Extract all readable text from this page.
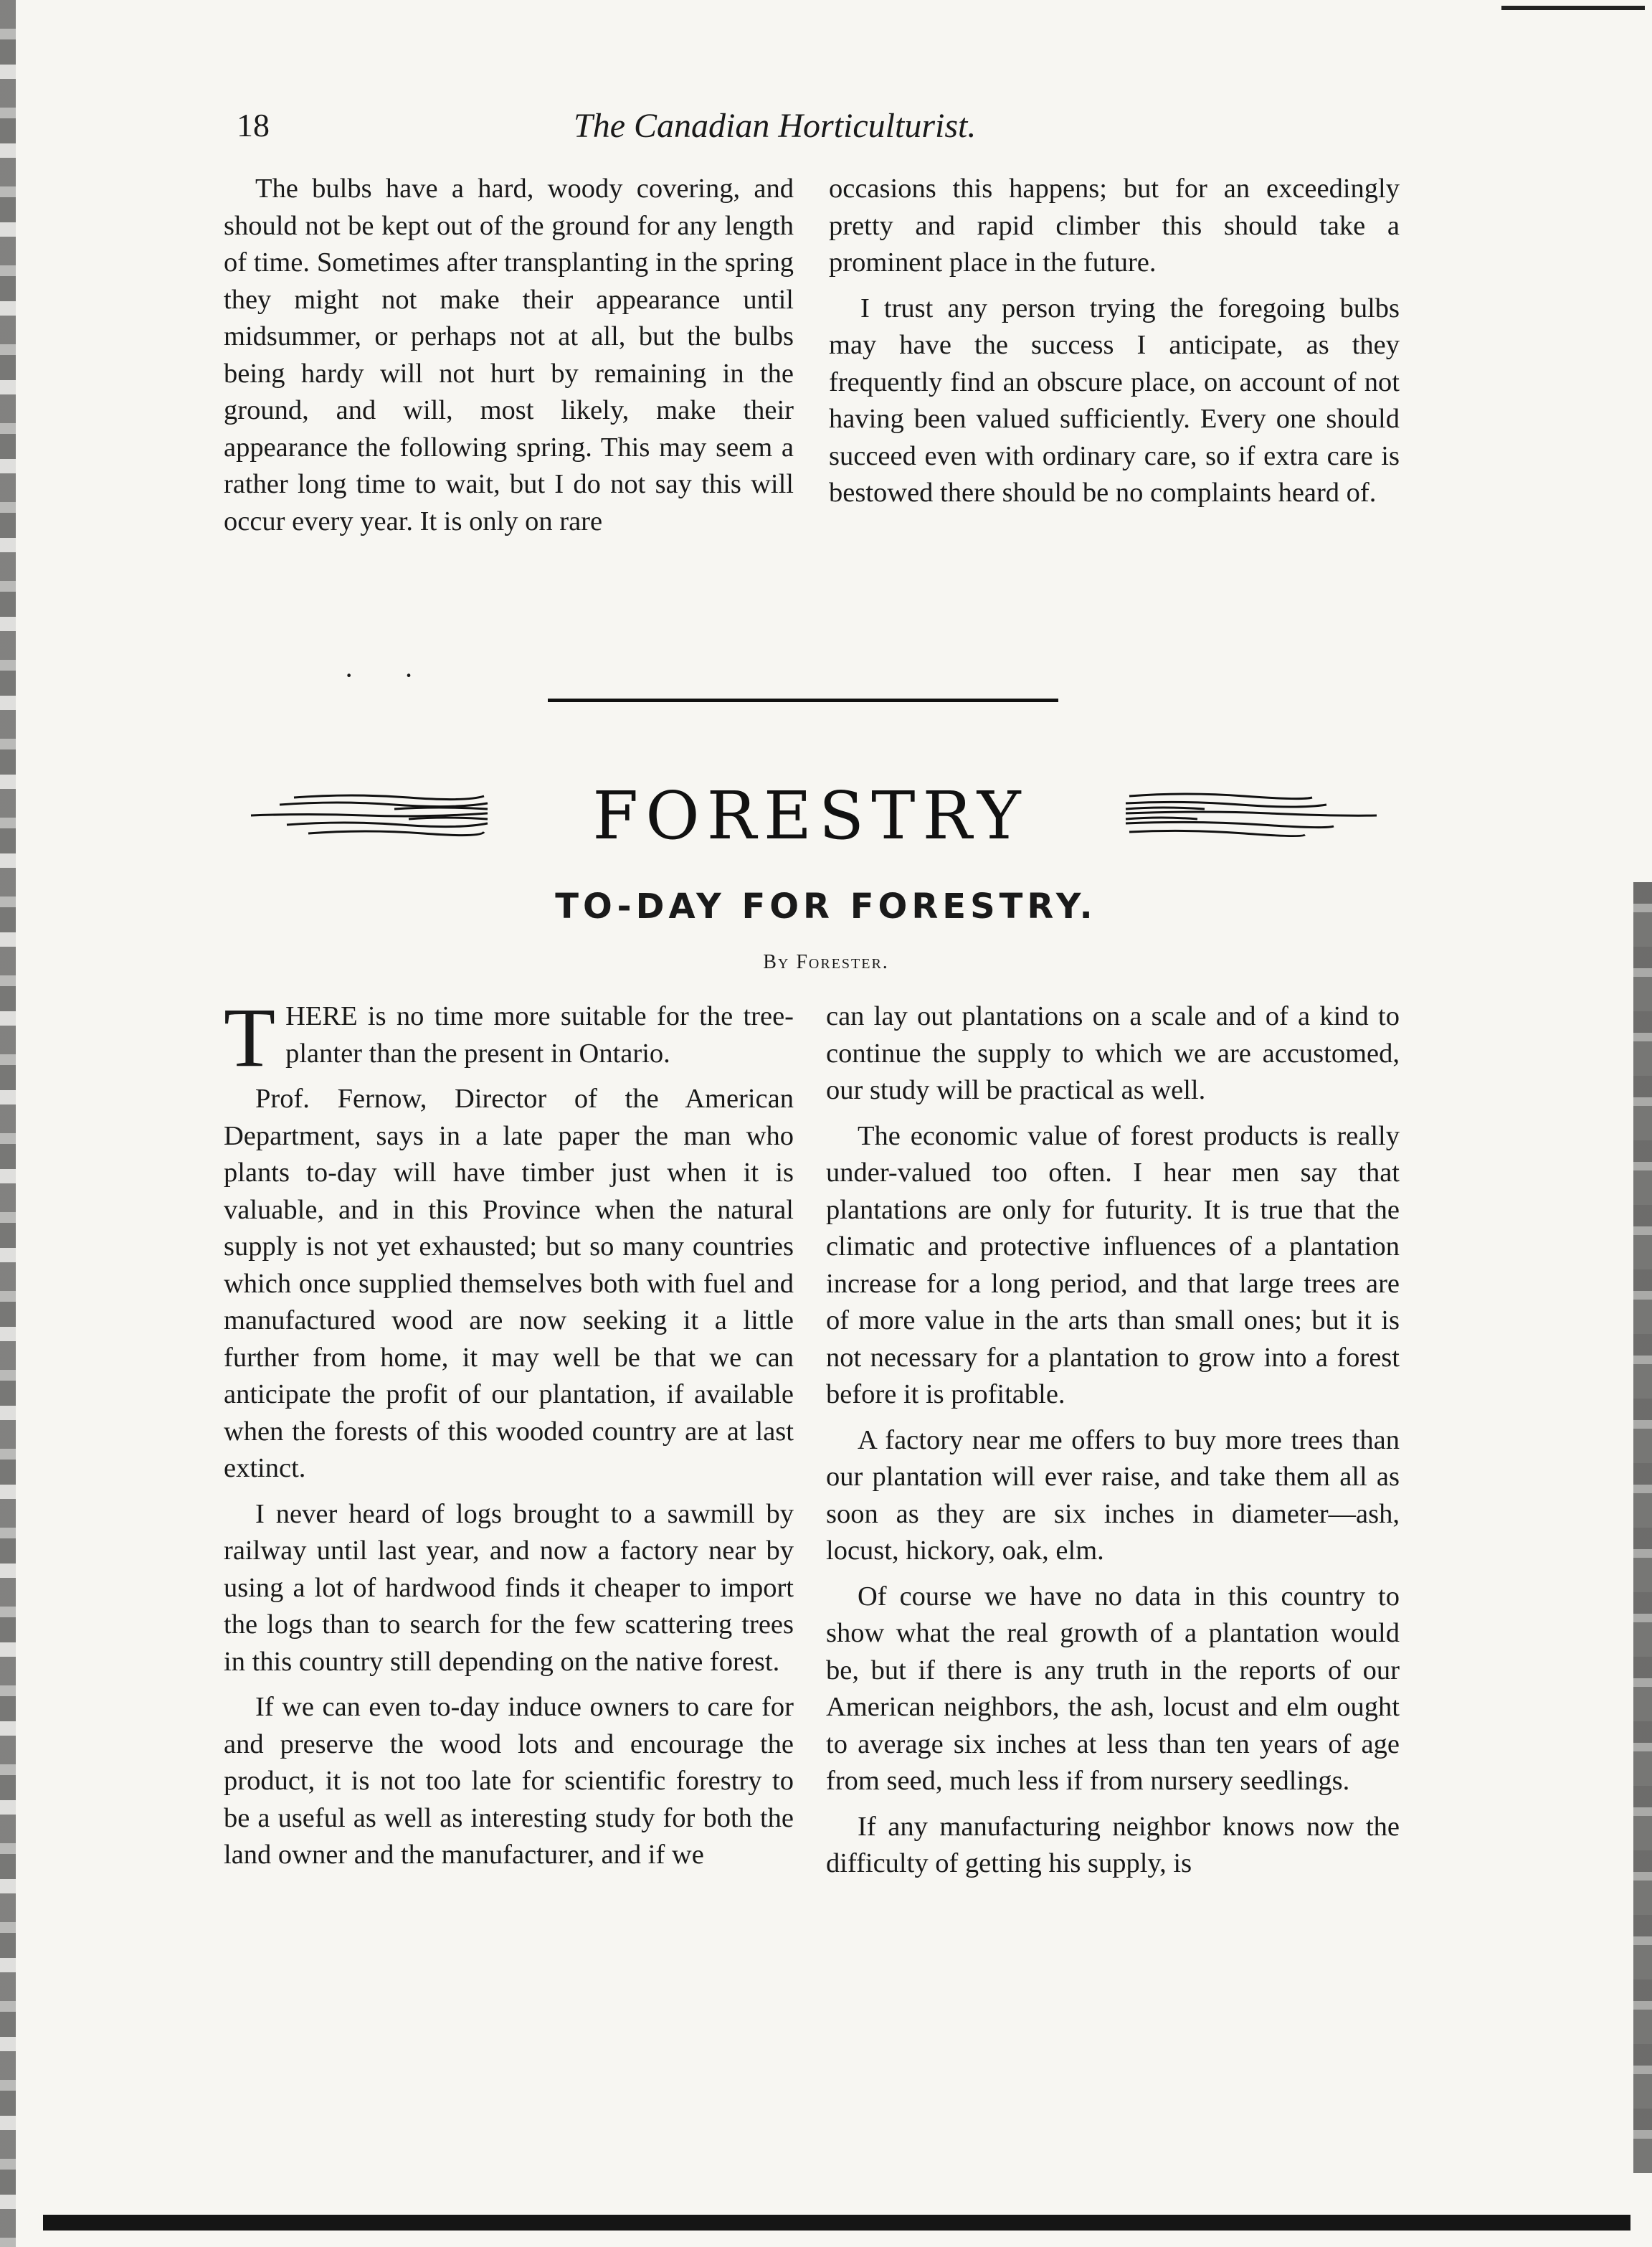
18	The Canadian Horticulturist.

The bulbs have a hard, woody covering, and should not be kept out of the ground for any length of time. Sometimes after transplanting in the spring they might not make their appearance until midsummer, or perhaps not at all, but the bulbs being hardy will not hurt by remaining in the ground, and will, most likely, make their appearance the following spring. This may seem a rather long time to wait, but I do not say this will occur every year. It is only on rare

occasions this happens; but for an exceedingly pretty and rapid climber this should take a prominent place in the future.

I trust any person trying the foregoing bulbs may have the success I anticipate, as they frequently find an obscure place, on account of not having been valued sufficiently. Every one should succeed even with ordinary care, so if extra care is bestowed there should be no complaints heard of.

· ·
FORESTRY
TO-DAY FOR FORESTRY.
By Forester.

THERE is no time more suitable for the tree-planter than the present in Ontario.

Prof. Fernow, Director of the American Department, says in a late paper the man who plants to-day will have timber just when it is valuable, and in this Province when the natural supply is not yet exhausted; but so many countries which once supplied themselves both with fuel and manufactured wood are now seeking it a little further from home, it may well be that we can anticipate the profit of our plantation, if available when the forests of this wooded country are at last extinct.

I never heard of logs brought to a sawmill by railway until last year, and now a factory near by using a lot of hardwood finds it cheaper to import the logs than to search for the few scattering trees in this country still depending on the native forest.

If we can even to-day induce owners to care for and preserve the wood lots and encourage the product, it is not too late for scientific forestry to be a useful as well as interesting study for both the land owner and the manufacturer, and if we

can lay out plantations on a scale and of a kind to continue the supply to which we are accustomed, our study will be practical as well.

The economic value of forest products is really under-valued too often. I hear men say that plantations are only for futurity. It is true that the climatic and protective influences of a plantation increase for a long period, and that large trees are of more value in the arts than small ones; but it is not necessary for a plantation to grow into a forest before it is profitable.

A factory near me offers to buy more trees than our plantation will ever raise, and take them all as soon as they are six inches in diameter—ash, locust, hickory, oak, elm.

Of course we have no data in this country to show what the real growth of a plantation would be, but if there is any truth in the reports of our American neighbors, the ash, locust and elm ought to average six inches at less than ten years of age from seed, much less if from nursery seedlings.

If any manufacturing neighbor knows now the difficulty of getting his supply, is
